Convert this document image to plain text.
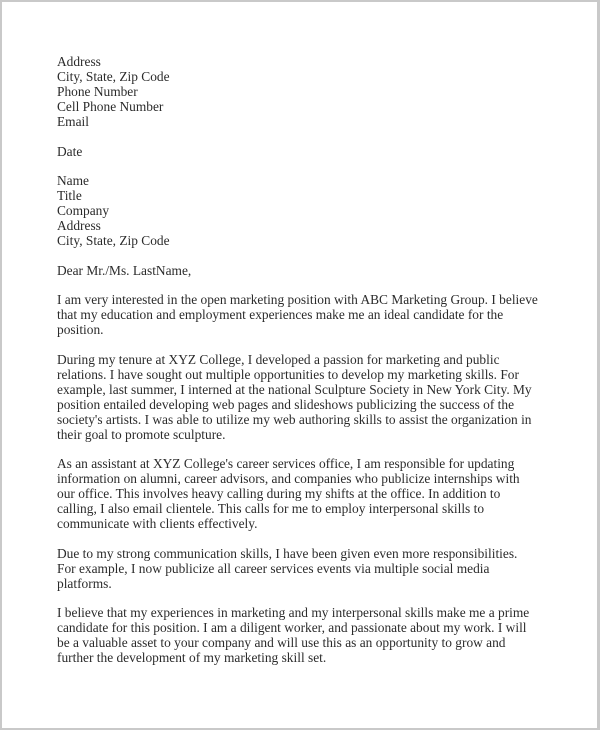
Address
City, State, Zip Code
Phone Number
Cell Phone Number
Email
Date
Name
Title
Company
Address
City, State, Zip Code
Dear Mr./Ms. LastName,
I am very interested in the open marketing position with ABC Marketing Group. I believe
that my education and employment experiences make me an ideal candidate for the
position.
During my tenure at XYZ College, I developed a passion for marketing and public
relations. I have sought out multiple opportunities to develop my marketing skills. For
example, last summer, I interned at the national Sculpture Society in New York City. My
position entailed developing web pages and slideshows publicizing the success of the
society's artists. I was able to utilize my web authoring skills to assist the organization in
their goal to promote sculpture.
As an assistant at XYZ College's career services office, I am responsible for updating
information on alumni, career advisors, and companies who publicize internships with
our office. This involves heavy calling during my shifts at the office. In addition to
calling, I also email clientele. This calls for me to employ interpersonal skills to
communicate with clients effectively.
Due to my strong communication skills, I have been given even more responsibilities.
For example, I now publicize all career services events via multiple social media
platforms.
I believe that my experiences in marketing and my interpersonal skills make me a prime
candidate for this position. I am a diligent worker, and passionate about my work. I will
be a valuable asset to your company and will use this as an opportunity to grow and
further the development of my marketing skill set.
